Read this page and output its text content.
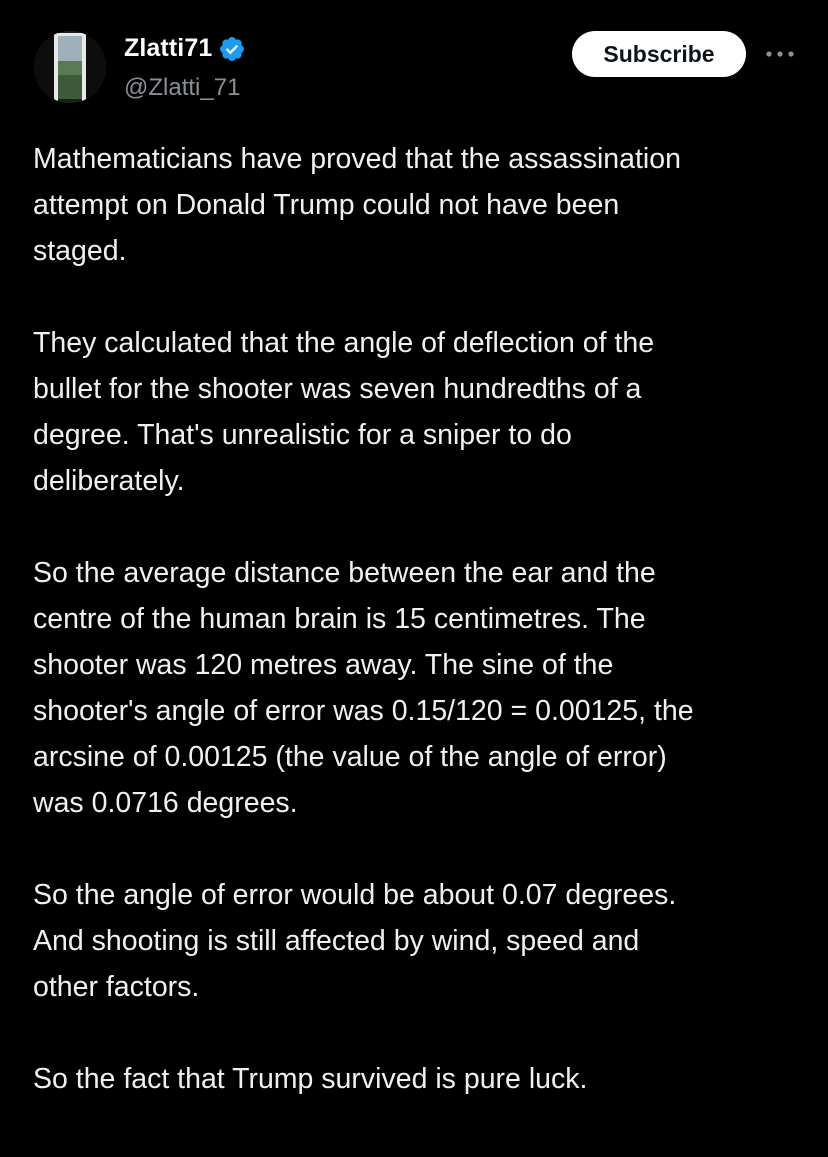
Zlatti71
@Zlatti_71
Subscribe

Mathematicians have proved that the assassination
attempt on Donald Trump could not have been
staged.

They calculated that the angle of deflection of the
bullet for the shooter was seven hundredths of a
degree. That's unrealistic for a sniper to do
deliberately.

So the average distance between the ear and the
centre of the human brain is 15 centimetres. The
shooter was 120 metres away. The sine of the
shooter's angle of error was 0.15/120 = 0.00125, the
arcsine of 0.00125 (the value of the angle of error)
was 0.0716 degrees.

So the angle of error would be about 0.07 degrees.
And shooting is still affected by wind, speed and
other factors.

So the fact that Trump survived is pure luck.
